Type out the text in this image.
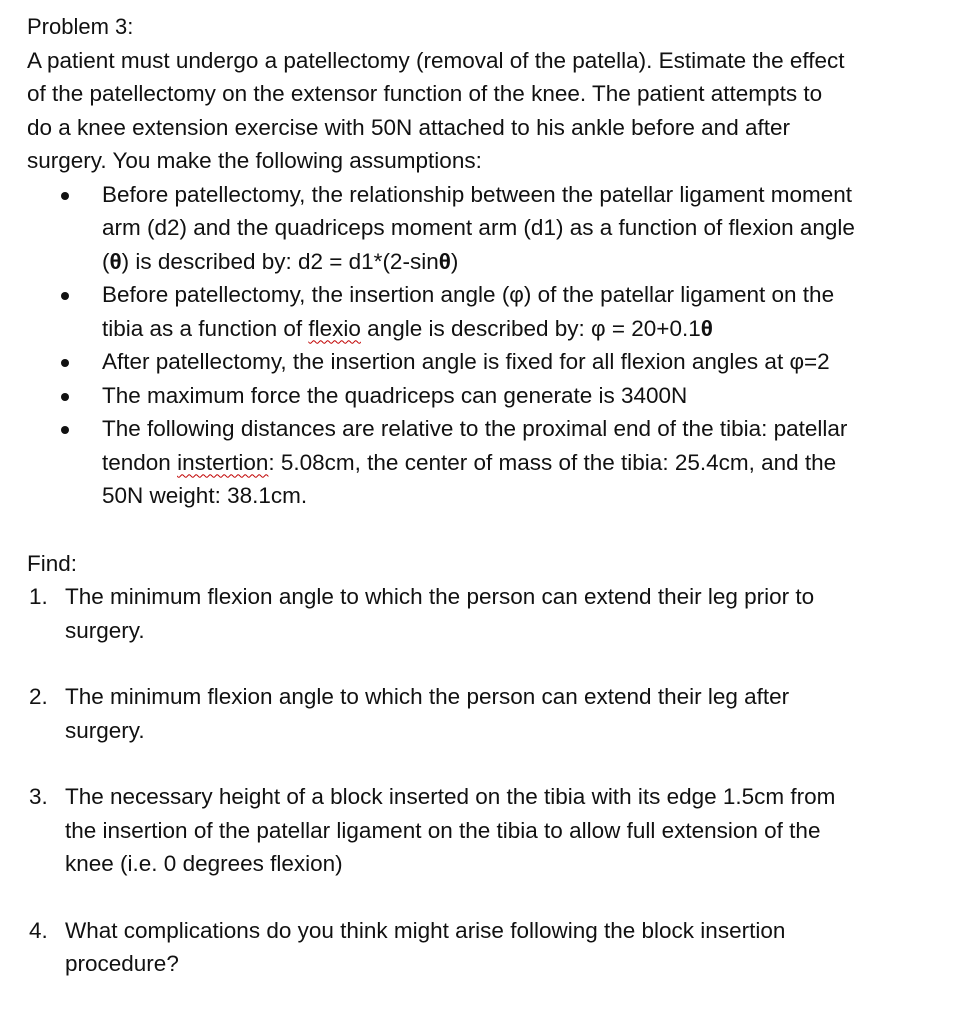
Problem 3:
A patient must undergo a patellectomy (removal of the patella). Estimate the effect
of the patellectomy on the extensor function of the knee. The patient attempts to
do a knee extension exercise with 50N attached to his ankle before and after
surgery. You make the following assumptions:
Before patellectomy, the relationship between the patellar ligament moment
arm (d2) and the quadriceps moment arm (d1) as a function of flexion angle
(θ) is described by: d2 = d1*(2-sinθ)
Before patellectomy, the insertion angle (φ) of the patellar ligament on the
tibia as a function of flexio angle is described by: φ = 20+0.1θ
After patellectomy, the insertion angle is fixed for all flexion angles at φ=2
The maximum force the quadriceps can generate is 3400N
The following distances are relative to the proximal end of the tibia: patellar
tendon instertion: 5.08cm, the center of mass of the tibia: 25.4cm, and the
50N weight: 38.1cm.
Find:
1. The minimum flexion angle to which the person can extend their leg prior to
surgery.
2. The minimum flexion angle to which the person can extend their leg after
surgery.
3. The necessary height of a block inserted on the tibia with its edge 1.5cm from
the insertion of the patellar ligament on the tibia to allow full extension of the
knee (i.e. 0 degrees flexion)
4. What complications do you think might arise following the block insertion
procedure?
